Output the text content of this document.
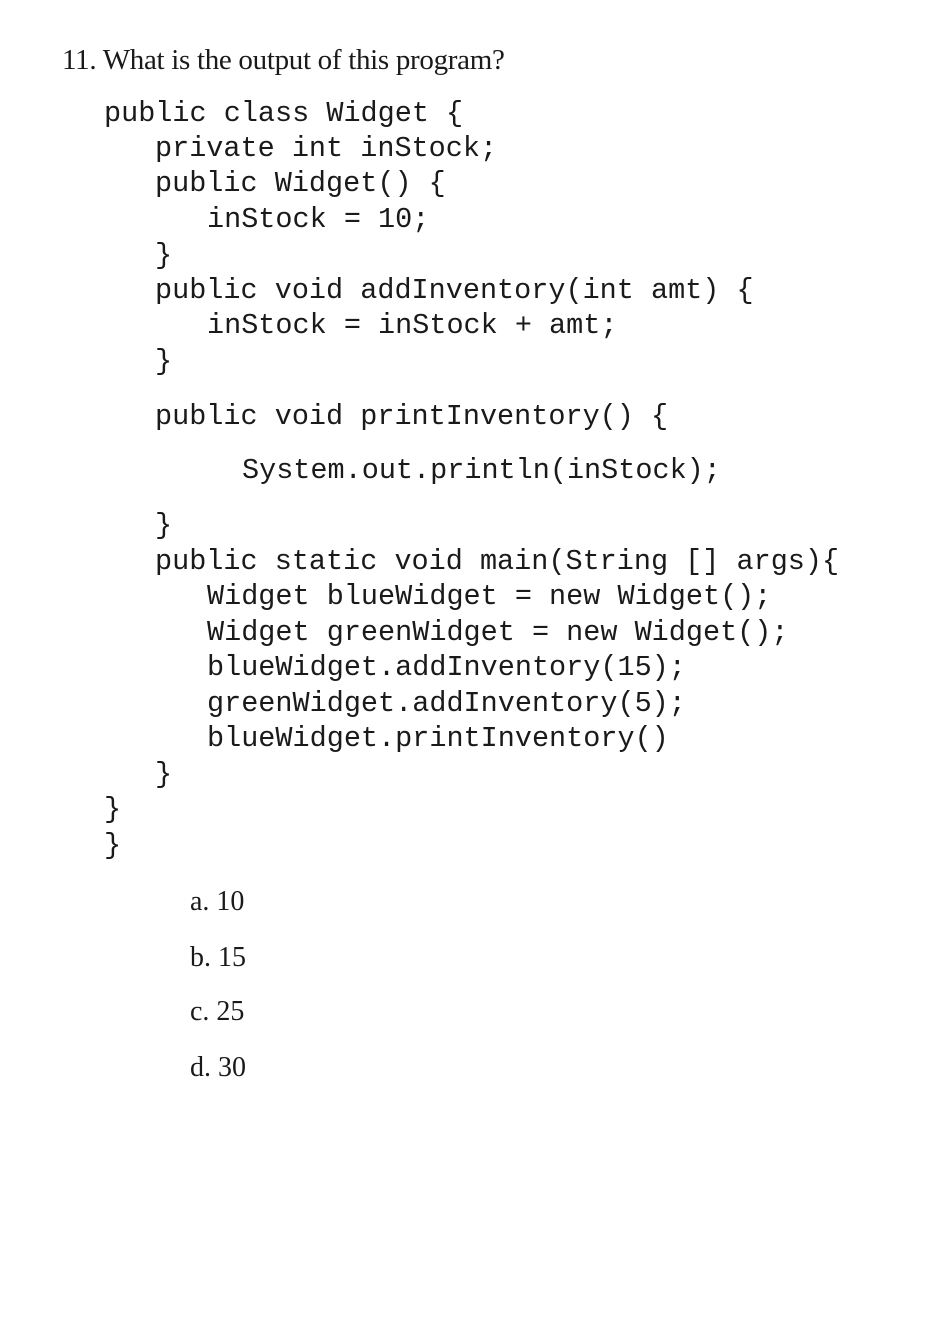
11. What is the output of this program?
public class Widget {
private int inStock;
public Widget() {
inStock = 10;
}
public void addInventory(int amt) {
inStock = inStock + amt;
}
public void printInventory() {
System.out.println(inStock);
}
public static void main(String [] args){
Widget blueWidget = new Widget();
Widget greenWidget = new Widget();
blueWidget.addInventory(15);
greenWidget.addInventory(5);
blueWidget.printInventory()
}
}
}
a. 10
b. 15
c. 25
d. 30
